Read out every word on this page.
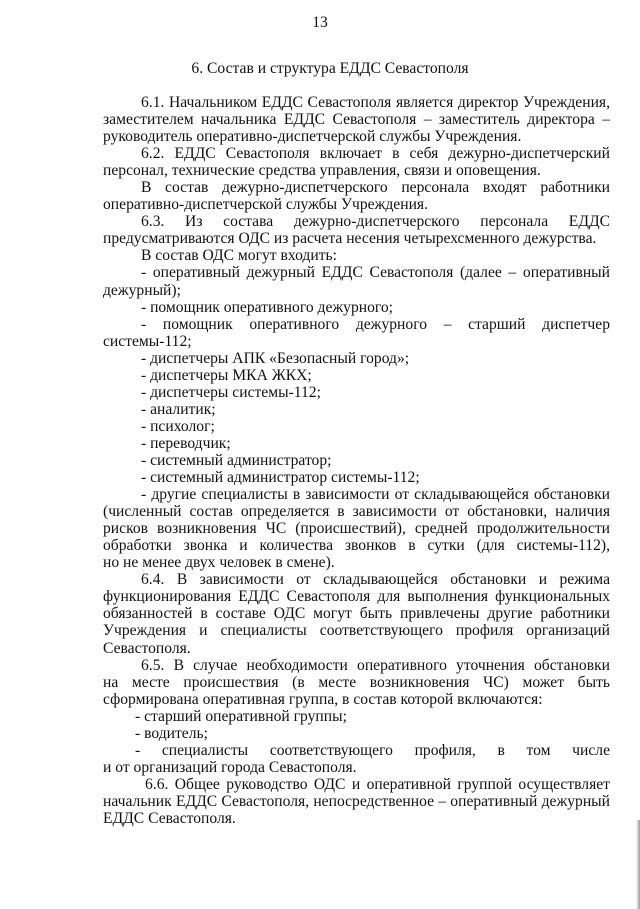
13
6. Состав и структура ЕДДС Севастополя
6.1. Начальником ЕДДС Севастополя является директор Учреждения,
заместителем начальника ЕДДС Севастополя – заместитель директора –
руководитель оперативно-диспетчерской службы Учреждения.
6.2. ЕДДС Севастополя включает в себя дежурно-диспетчерский
персонал, технические средства управления, связи и оповещения.
В состав дежурно-диспетчерского персонала входят работники
оперативно-диспетчерской службы Учреждения.
6.3. Из состава дежурно-диспетчерского персонала ЕДДС
предусматриваются ОДС из расчета несения четырехсменного дежурства.
В состав ОДС могут входить:
- оперативный дежурный ЕДДС Севастополя (далее – оперативный
дежурный);
- помощник оперативного дежурного;
- помощник оперативного дежурного – старший диспетчер
системы-112;
- диспетчеры АПК «Безопасный город»;
- диспетчеры МКА ЖКХ;
- диспетчеры системы-112;
- аналитик;
- психолог;
- переводчик;
- системный администратор;
- системный администратор системы-112;
- другие специалисты в зависимости от складывающейся обстановки
(численный состав определяется в зависимости от обстановки, наличия
рисков возникновения ЧС (происшествий), средней продолжительности
обработки звонка и количества звонков в сутки (для системы-112),
но не менее двух человек в смене).
6.4. В зависимости от складывающейся обстановки и режима
функционирования ЕДДС Севастополя для выполнения функциональных
обязанностей в составе ОДС могут быть привлечены другие работники
Учреждения и специалисты соответствующего профиля организаций
Севастополя.
6.5. В случае необходимости оперативного уточнения обстановки
на месте происшествия (в месте возникновения ЧС) может быть
сформирована оперативная группа, в состав которой включаются:
- старший оперативной группы;
- водитель;
- специалисты соответствующего профиля, в том числе
и от организаций города Севастополя.
6.6. Общее руководство ОДС и оперативной группой осуществляет
начальник ЕДДС Севастополя, непосредственное – оперативный дежурный
ЕДДС Севастополя.
